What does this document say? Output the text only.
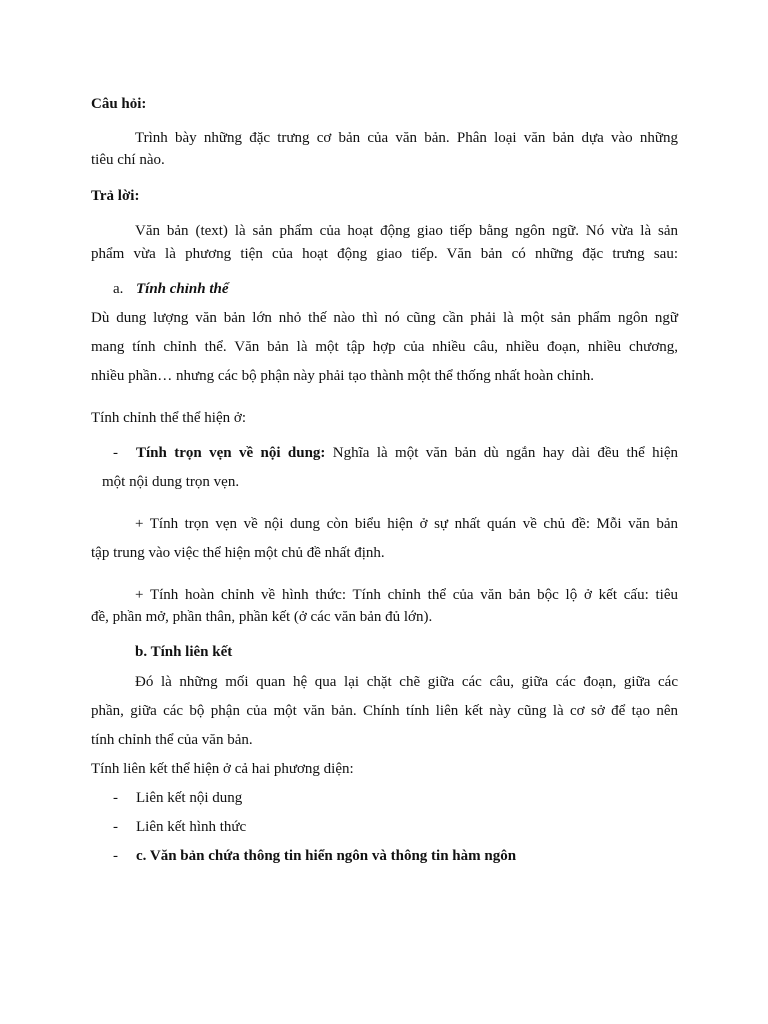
Câu hỏi:
Trình bày những đặc trưng cơ bản của văn bản. Phân loại văn bản dựa vào những
tiêu chí nào.
Trả lời:
Văn bản (text) là sản phẩm của hoạt động giao tiếp bằng ngôn ngữ. Nó vừa là sản
phẩm vừa là phương tiện của hoạt động giao tiếp. Văn bản có những đặc trưng sau:
a. Tính chỉnh thể
Dù dung lượng văn bản lớn nhỏ thế nào thì nó cũng cần phải là một sản phẩm ngôn ngữ
mang tính chỉnh thể. Văn bản là một tập hợp của nhiều câu, nhiều đoạn, nhiều chương,
nhiều phần… nhưng các bộ phận này phải tạo thành một thể thống nhất hoàn chỉnh.
Tính chỉnh thể thể hiện ở:
- Tính trọn vẹn về nội dung: Nghĩa là một văn bản dù ngắn hay dài đều thể hiện
một nội dung trọn vẹn.
+ Tính trọn vẹn về nội dung còn biểu hiện ở sự nhất quán về chủ đề: Mỗi văn bản
tập trung vào việc thể hiện một chủ đề nhất định.
+ Tính hoàn chỉnh về hình thức: Tính chỉnh thể của văn bản bộc lộ ở kết cấu: tiêu
đề, phần mở, phần thân, phần kết (ở các văn bản đủ lớn).
b. Tính liên kết
Đó là những mối quan hệ qua lại chặt chẽ giữa các câu, giữa các đoạn, giữa các
phần, giữa các bộ phận của một văn bản. Chính tính liên kết này cũng là cơ sở để tạo nên
tính chỉnh thể của văn bản.
Tính liên kết thể hiện ở cả hai phương diện:
- Liên kết nội dung
- Liên kết hình thức
- c. Văn bản chứa thông tin hiển ngôn và thông tin hàm ngôn
